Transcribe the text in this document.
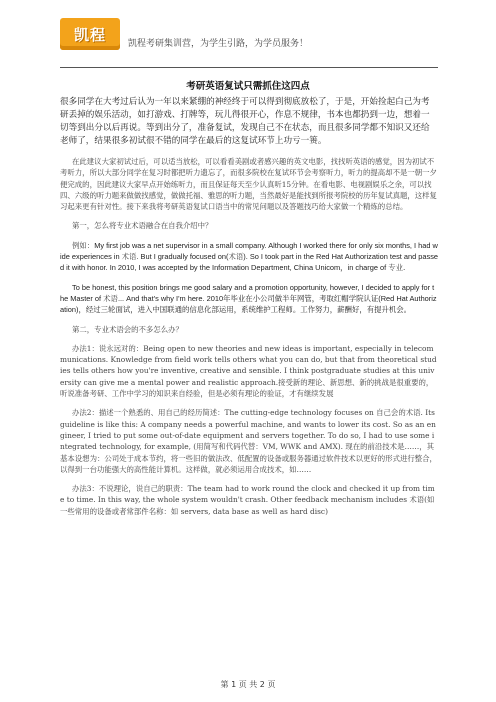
凯程
凯程考研集训营，为学生引路，为学员服务！
考研英语复试只需抓住这四点

很多同学在大考过后认为一年以来紧绷的神经终于可以得到彻底放松了，于是，开始捡起白己为考研丢掉的娱乐活动，如打游戏、打牌等，玩儿得很开心，作息不规律，书本也都扔到一边，想着一切等到出分以后再说。等到出分了，准备复试，发现自己不在状态，而且很多同学都不知识又还给老师了，结果很多初试很不错的同学在最后的这复试环节上功亏一篑。

在此建议大家初试过后，可以适当放松，可以看看美剧或者感兴趣的英文电影，找找听英语的感觉，因为初试不考听力，所以大部分同学在复习时都把听力遗忘了，而很多院校在复试环节会考察听力，听力的提高却不是一朝一夕便完成的，因此建议大家早点开始练听力，而且保证每天至少认真听15分钟。在看电影、电视剧娱乐之余，可以找四、六级的听力题来做做找感觉，做做托福、雅思的听力题，当然最好是能找到所报考院校的历年复试真题，这样复习起来更有针对性。接下来我将考研英语复试口语当中的常见问题以及答题技巧给大家做一个精炼的总结。

第一，怎么将专业术语融合在自我介绍中？

例如：My first job was a net supervisor in a small company. Although I worked there for only six months, I had wide experiences in 术语. But I gradually focused on(术语). So I took part in the Red Hat Authorization test and passed it with honor. In 2010, I was accepted by the Information Department, China Unicom，in charge of 专业.

To be honest, this position brings me good salary and a promotion opportunity, however, I decided to apply for the Master of 术语... And that's why I'm here. 2010年毕业在小公司做半年网管，考取红帽学院认证(Red Hat Authorization)，经过三轮面试，进入中国联通的信息化部运用，系统维护工程师。工作努力，薪酬好，有提升机会。

第二，专业术语会的不多怎么办？

办法1：说永远对的：Being open to new theories and new ideas is important, especially in telecommunications. Knowledge from field work tells others what you can do, but that from theoretical studies tells others how you're inventive, creative and sensible. I think postgraduate studies at this university can give me a mental power and realistic approach.接受新的理论、新思想、新的挑战是很重要的，听说准备考研、工作中学习的知识来自经验，但是必须有理论的验证，才有继续发展

办法2：描述一个熟悉的、用自己的经历简述：The cutting-edge technology focuses on 自己会的术语. Its guideline is like this: A company needs a powerful machine, and wants to lower its cost. So as an engineer, I tried to put some out-of-date equipment and servers together. To do so, I had to use some integrated technology, for example, (用简写和代码代替：VM, WWK and AMX). 现在的前沿技术是……，其基本设想为：公司处于成本节约，将一些旧的做法改、低配置的设备或服务器通过软件技术以更好的形式进行整合，以得到一台功能强大的高性能计算机。这样做，就必须运用合成技术，如……

办法3：不说理论，说自己的职责：The team had to work round the clock and checked it up from time to time. In this way, the whole system wouldn't crash. Other feedback mechanism includes 术语(如一些常用的设备或者常部件名称：如 servers, data base as well as hard disc)

第 1 页 共 2 页
